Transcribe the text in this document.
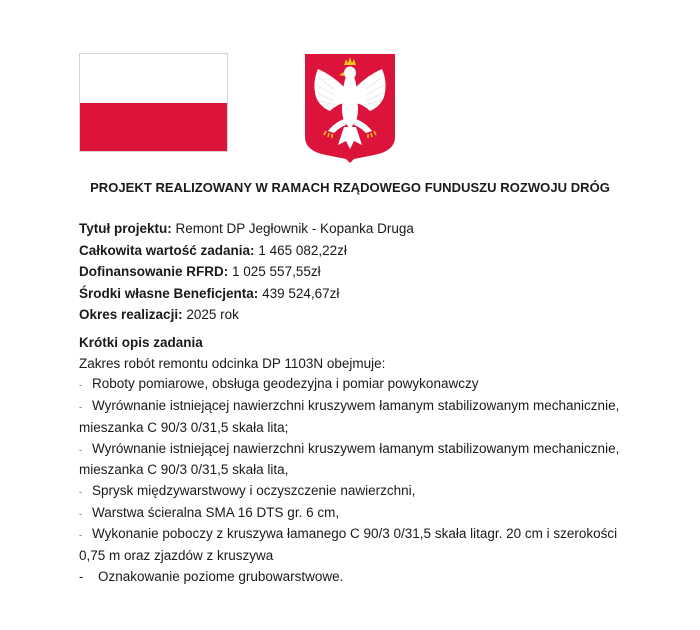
PROJEKT REALIZOWANY W RAMACH RZĄDOWEGO FUNDUSZU ROZWOJU DRÓG
Tytuł projektu: Remont DP Jegłownik - Kopanka Druga
Całkowita wartość zadania: 1 465 082,22zł
Dofinansowanie RFRD: 1 025 557,55zł
Środki własne Beneficjenta: 439 524,67zł
Okres realizacji: 2025 rok
Krótki opis zadania
Zakres robót remontu odcinka DP 1103N obejmuje:
- Roboty pomiarowe, obsługa geodezyjna i pomiar powykonawczy
- Wyrównanie istniejącej nawierzchni kruszywem łamanym stabilizowanym mechanicznie,
mieszanka C 90/3 0/31,5 skała lita;
- Wyrównanie istniejącej nawierzchni kruszywem łamanym stabilizowanym mechanicznie,
mieszanka C 90/3 0/31,5 skała lita,
- Sprysk międzywarstwowy i oczyszczenie nawierzchni,
- Warstwa ścieralna SMA 16 DTS gr. 6 cm,
- Wykonanie poboczy z kruszywa łamanego C 90/3 0/31,5 skała litagr. 20 cm i szerokości
0,75 m oraz zjazdów z kruszywa
- Oznakowanie poziome grubowarstwowe.
